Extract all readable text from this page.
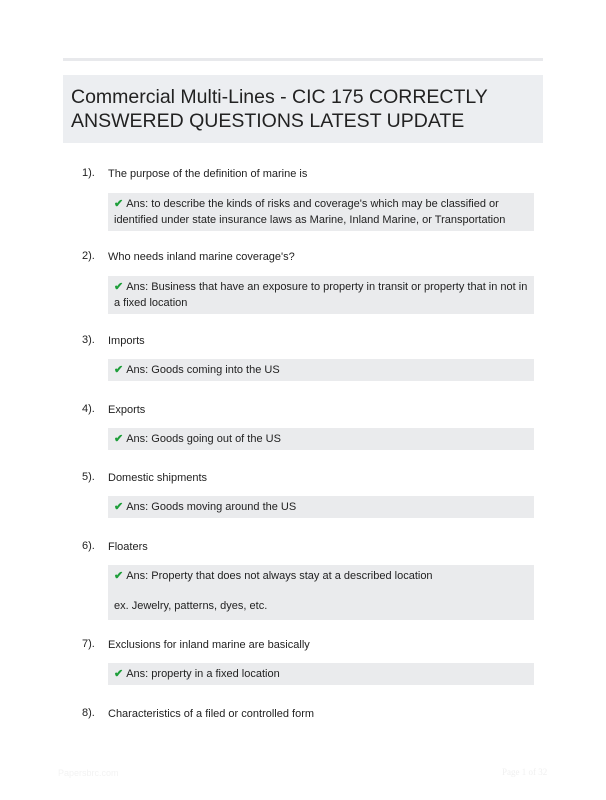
Commercial Multi-Lines - CIC 175 CORRECTLY ANSWERED QUESTIONS LATEST UPDATE
1). The purpose of the definition of marine is
✔ Ans: to describe the kinds of risks and coverage's which may be classified or identified under state insurance laws as Marine, Inland Marine, or Transportation
2). Who needs inland marine coverage's?
✔ Ans: Business that have an exposure to property in transit or property that in not in a fixed location
3). Imports
✔ Ans: Goods coming into the US
4). Exports
✔ Ans: Goods going out of the US
5). Domestic shipments
✔ Ans: Goods moving around the US
6). Floaters
✔ Ans: Property that does not always stay at a described location
ex. Jewelry, patterns, dyes, etc.
7). Exclusions for inland marine are basically
✔ Ans: property in a fixed location
8). Characteristics of a filed or controlled form
Papersbrc.com	Page 1 of 32
